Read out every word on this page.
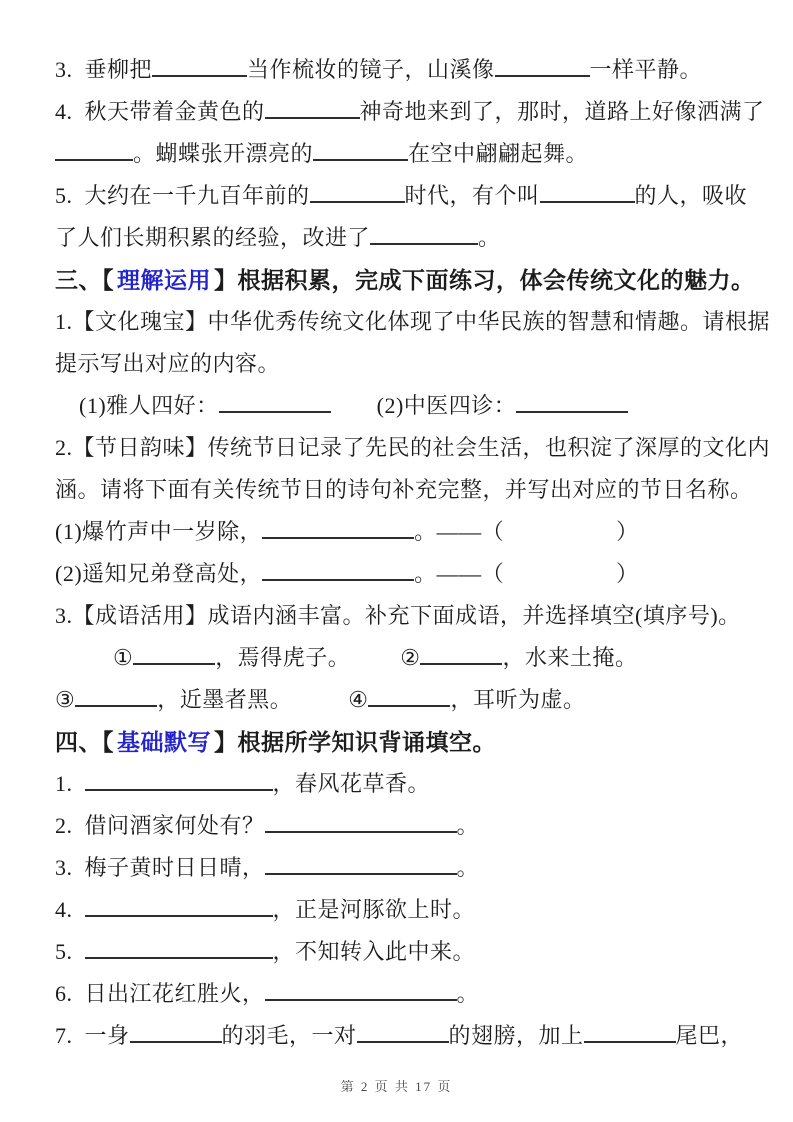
3.  垂柳把	当作梳妆的镜子，山溪像	一样平静。
4.  秋天带着金黄色的	神奇地来到了，那时，道路上好像洒满了
。蝴蝶张开漂亮的	在空中翩翩起舞。
5.  大约在一千九百年前的	时代，有个叫	的人，吸收
了人们长期积累的经验，改进了	。
三、【 理解运用 】根据积累，完成下面练习，体会传统文化的魅力。
1.【文化瑰宝】中华优秀传统文化体现了中华民族的智慧和情趣。请根据
提示写出对应的内容。
(1)雅人四好：	(2)中医四诊：
2.【节日韵味】传统节日记录了先民的社会生活，也积淀了深厚的文化内
涵。请将下面有关传统节日的诗句补充完整，并写出对应的节日名称。
(1)爆竹声中一岁除，	。——（	）
(2)遥知兄弟登高处，	。——（	）
3.【成语活用】成语内涵丰富。补充下面成语，并选择填空(填序号)。
①	，焉得虎子。 ②	，水来土掩。
③	，近墨者黑。	④	，耳听为虚。
四、【 基础默写 】根据所学知识背诵填空。
1.	，春风花草香。
2.  借问酒家何处有？	。
3.  梅子黄时日日晴，	。
4.	，正是河豚欲上时。
5.	，不知转入此中来。
6.  日出江花红胜火，	。
7.  一身	的羽毛，一对	的翅膀，加上	尾巴，
第 2 页 共 17 页
